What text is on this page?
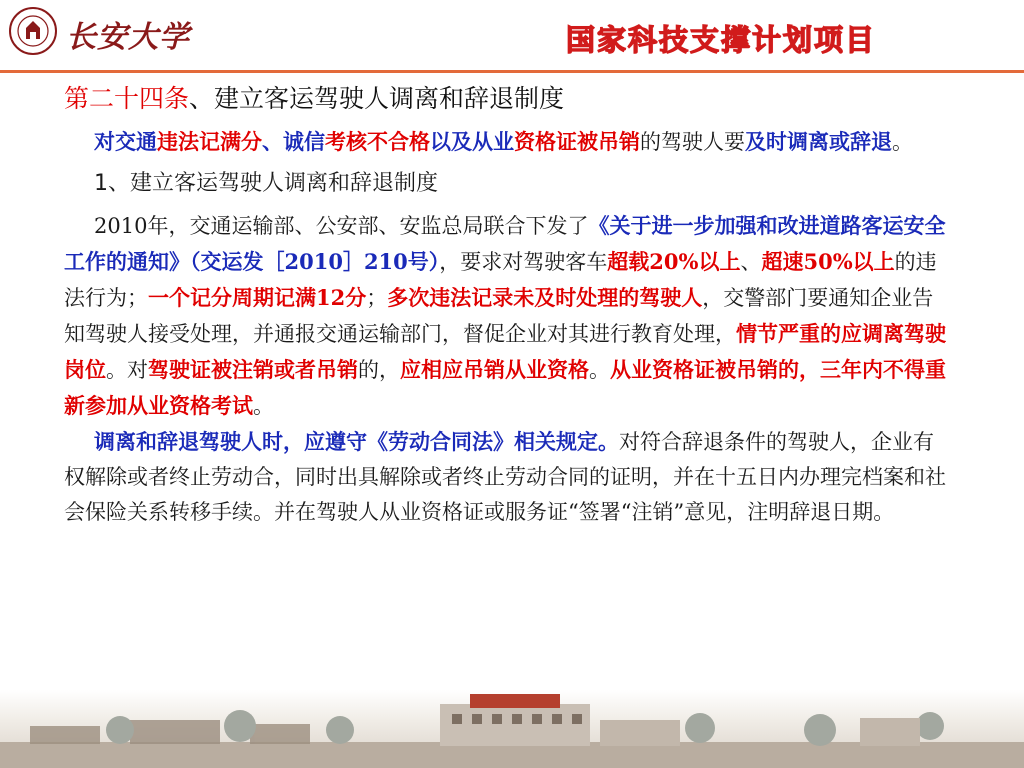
长安大学	国家科技支撑计划项目
第二十四条、建立客运驾驶人调离和辞退制度

对交通违法记满分、诚信考核不合格以及从业资格证被吊销的驾驶人要及时调离或辞退。

1、建立客运驾驶人调离和辞退制度

2010年，交通运输部、公安部、安监总局联合下发了《关于进一步加强和改进道路客运安全工作的通知》（交运发［2010］210号），要求对驾驶客车超载20%以上、超速50%以上的违法行为；一个记分周期记满12分；多次违法记录未及时处理的驾驶人，交警部门要通知企业告知驾驶人接受处理，并通报交通运输部门，督促企业对其进行教育处理，情节严重的应调离驾驶岗位。对驾驶证被注销或者吊销的，应相应吊销从业资格。从业资格证被吊销的，三年内不得重新参加从业资格考试。

调离和辞退驾驶人时，应遵守《劳动合同法》相关规定。对符合辞退条件的驾驶人，企业有权解除或者终止劳动合，同时出具解除或者终止劳动合同的证明，并在十五日内办理完档案和社会保险关系转移手续。并在驾驶人从业资格证或服务证“签署“注销”意见，注明辞退日期。
